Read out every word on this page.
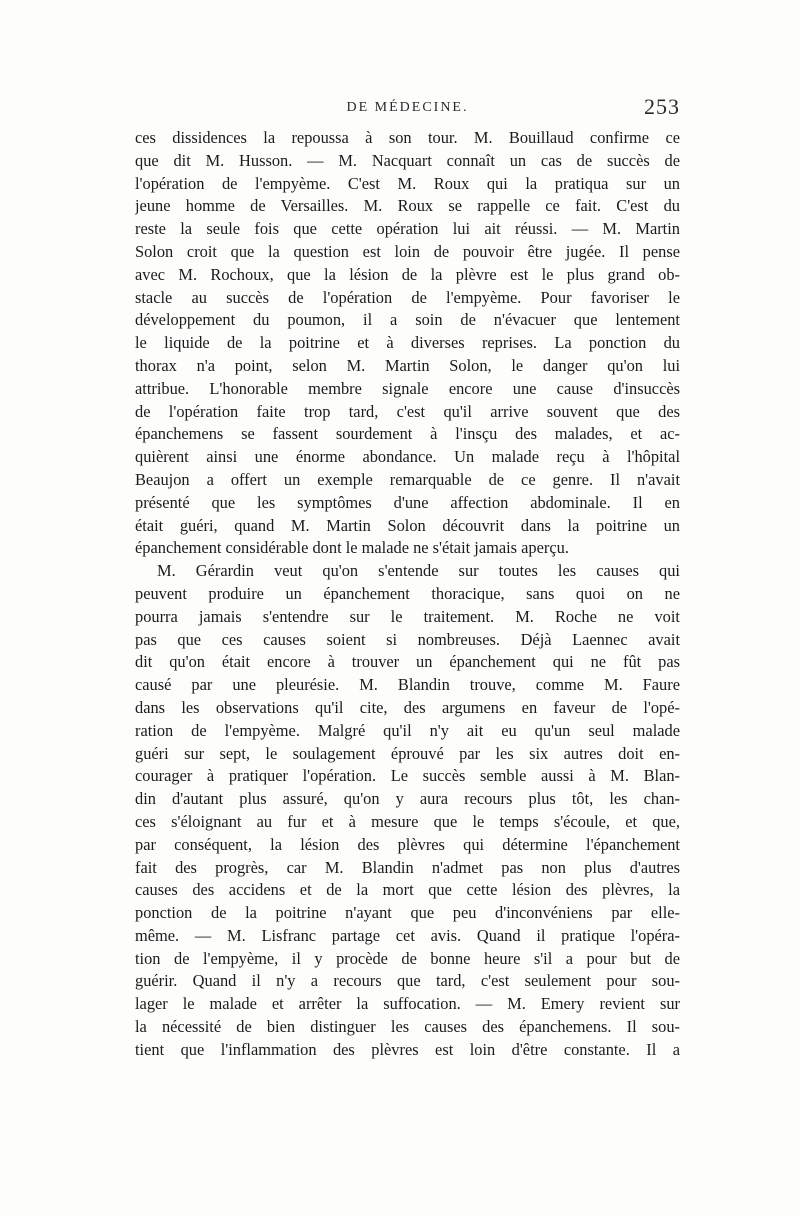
DE MÉDECINE.	253
ces dissidences la repoussa à son tour. M. Bouillaud confirme ce
que dit M. Husson. — M. Nacquart connaît un cas de succès de
l'opération de l'empyème. C'est M. Roux qui la pratiqua sur un
jeune homme de Versailles. M. Roux se rappelle ce fait. C'est du
reste la seule fois que cette opération lui ait réussi. — M. Martin
Solon croit que la question est loin de pouvoir être jugée. Il pense
avec M. Rochoux, que la lésion de la plèvre est le plus grand ob-
stacle au succès de l'opération de l'empyème. Pour favoriser le
développement du poumon, il a soin de n'évacuer que lentement
le liquide de la poitrine et à diverses reprises. La ponction du
thorax n'a point, selon M. Martin Solon, le danger qu'on lui
attribue. L'honorable membre signale encore une cause d'insuccès
de l'opération faite trop tard, c'est qu'il arrive souvent que des
épanchemens se fassent sourdement à l'insçu des malades, et ac-
quièrent ainsi une énorme abondance. Un malade reçu à l'hôpital
Beaujon a offert un exemple remarquable de ce genre. Il n'avait
présenté que les symptômes d'une affection abdominale. Il en
était guéri, quand M. Martin Solon découvrit dans la poitrine un
épanchement considérable dont le malade ne s'était jamais aperçu.
M. Gérardin veut qu'on s'entende sur toutes les causes qui
peuvent produire un épanchement thoracique, sans quoi on ne
pourra jamais s'entendre sur le traitement. M. Roche ne voit
pas que ces causes soient si nombreuses. Déjà Laennec avait
dit qu'on était encore à trouver un épanchement qui ne fût pas
causé par une pleurésie. M. Blandin trouve, comme M. Faure
dans les observations qu'il cite, des argumens en faveur de l'opé-
ration de l'empyème. Malgré qu'il n'y ait eu qu'un seul malade
guéri sur sept, le soulagement éprouvé par les six autres doit en-
courager à pratiquer l'opération. Le succès semble aussi à M. Blan-
din d'autant plus assuré, qu'on y aura recours plus tôt, les chan-
ces s'éloignant au fur et à mesure que le temps s'écoule, et que,
par conséquent, la lésion des plèvres qui détermine l'épanchement
fait des progrès, car M. Blandin n'admet pas non plus d'autres
causes des accidens et de la mort que cette lésion des plèvres, la
ponction de la poitrine n'ayant que peu d'inconvéniens par elle-
même. — M. Lisfranc partage cet avis. Quand il pratique l'opéra-
tion de l'empyème, il y procède de bonne heure s'il a pour but de
guérir. Quand il n'y a recours que tard, c'est seulement pour sou-
lager le malade et arrêter la suffocation. — M. Emery revient sur
la nécessité de bien distinguer les causes des épanchemens. Il sou-
tient que l'inflammation des plèvres est loin d'être constante. Il a
